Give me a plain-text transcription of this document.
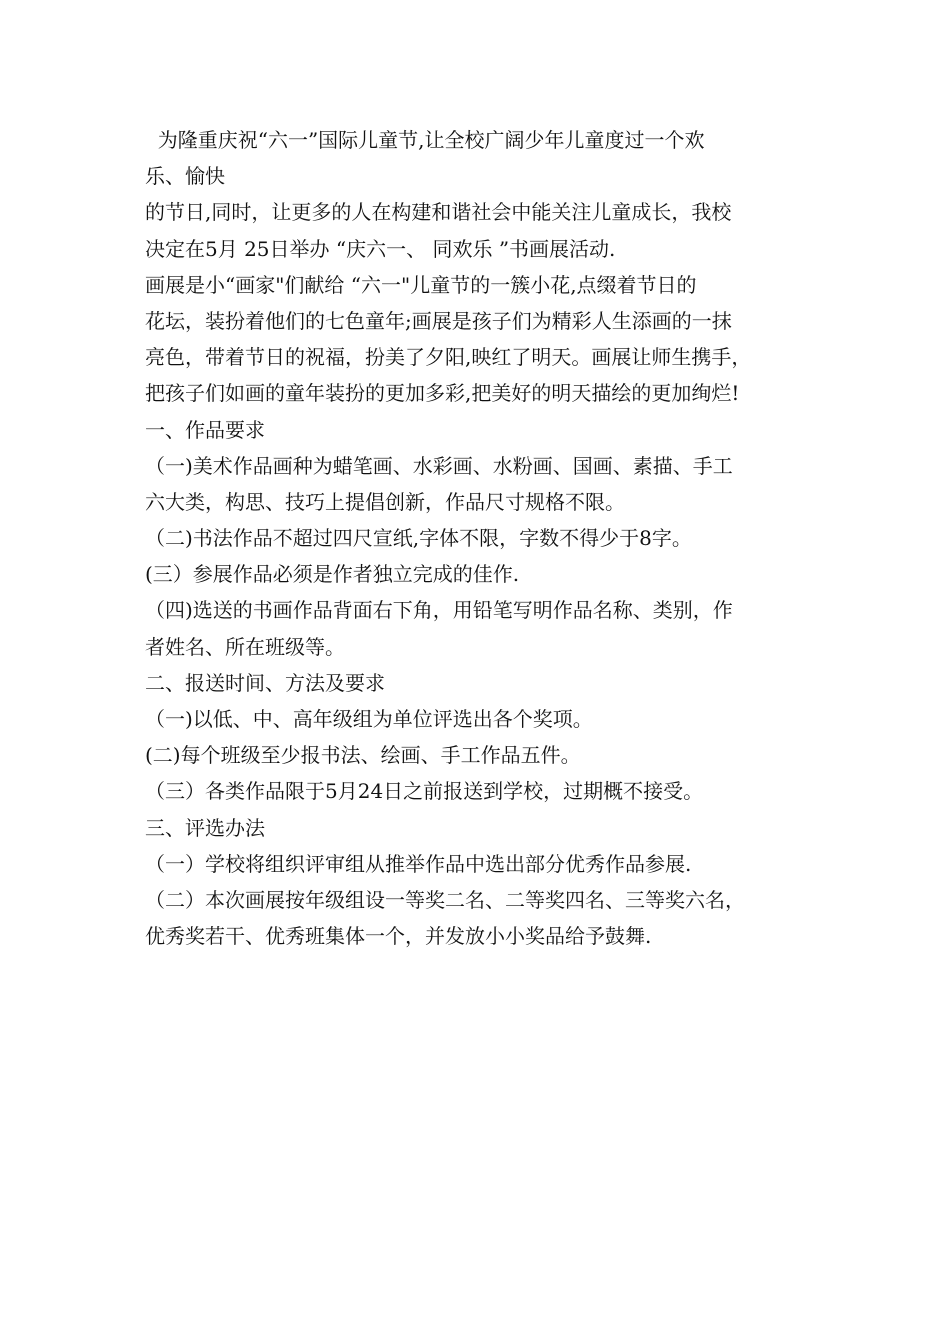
为隆重庆祝“六一”国际儿童节,让全校广阔少年儿童度过一个欢
乐、愉快
的节日,同时，让更多的人在构建和谐社会中能关注儿童成长，我校
决定在5月 25日举办 “庆六一、 同欢乐 ”书画展活动.
画展是小“画家"们献给 “六一"儿童节的一簇小花,点缀着节日的
花坛，装扮着他们的七色童年;画展是孩子们为精彩人生添画的一抹
亮色，带着节日的祝福，扮美了夕阳,映红了明天。画展让师生携手，
把孩子们如画的童年装扮的更加多彩,把美好的明天描绘的更加绚烂!
一、作品要求
（一)美术作品画种为蜡笔画、水彩画、水粉画、国画、素描、手工
六大类，构思、技巧上提倡创新，作品尺寸规格不限。
（二)书法作品不超过四尺宣纸,字体不限，字数不得少于8字。
(三）参展作品必须是作者独立完成的佳作.
（四)选送的书画作品背面右下角，用铅笔写明作品名称、类别，作
者姓名、所在班级等。
二、报送时间、方法及要求
（一)以低、中、高年级组为单位评选出各个奖项。
(二)每个班级至少报书法、绘画、手工作品五件。
（三）各类作品限于5月24日之前报送到学校，过期概不接受。
三、评选办法
（一）学校将组织评审组从推举作品中选出部分优秀作品参展.
（二）本次画展按年级组设一等奖二名、二等奖四名、三等奖六名，
优秀奖若干、优秀班集体一个，并发放小小奖品给予鼓舞.
